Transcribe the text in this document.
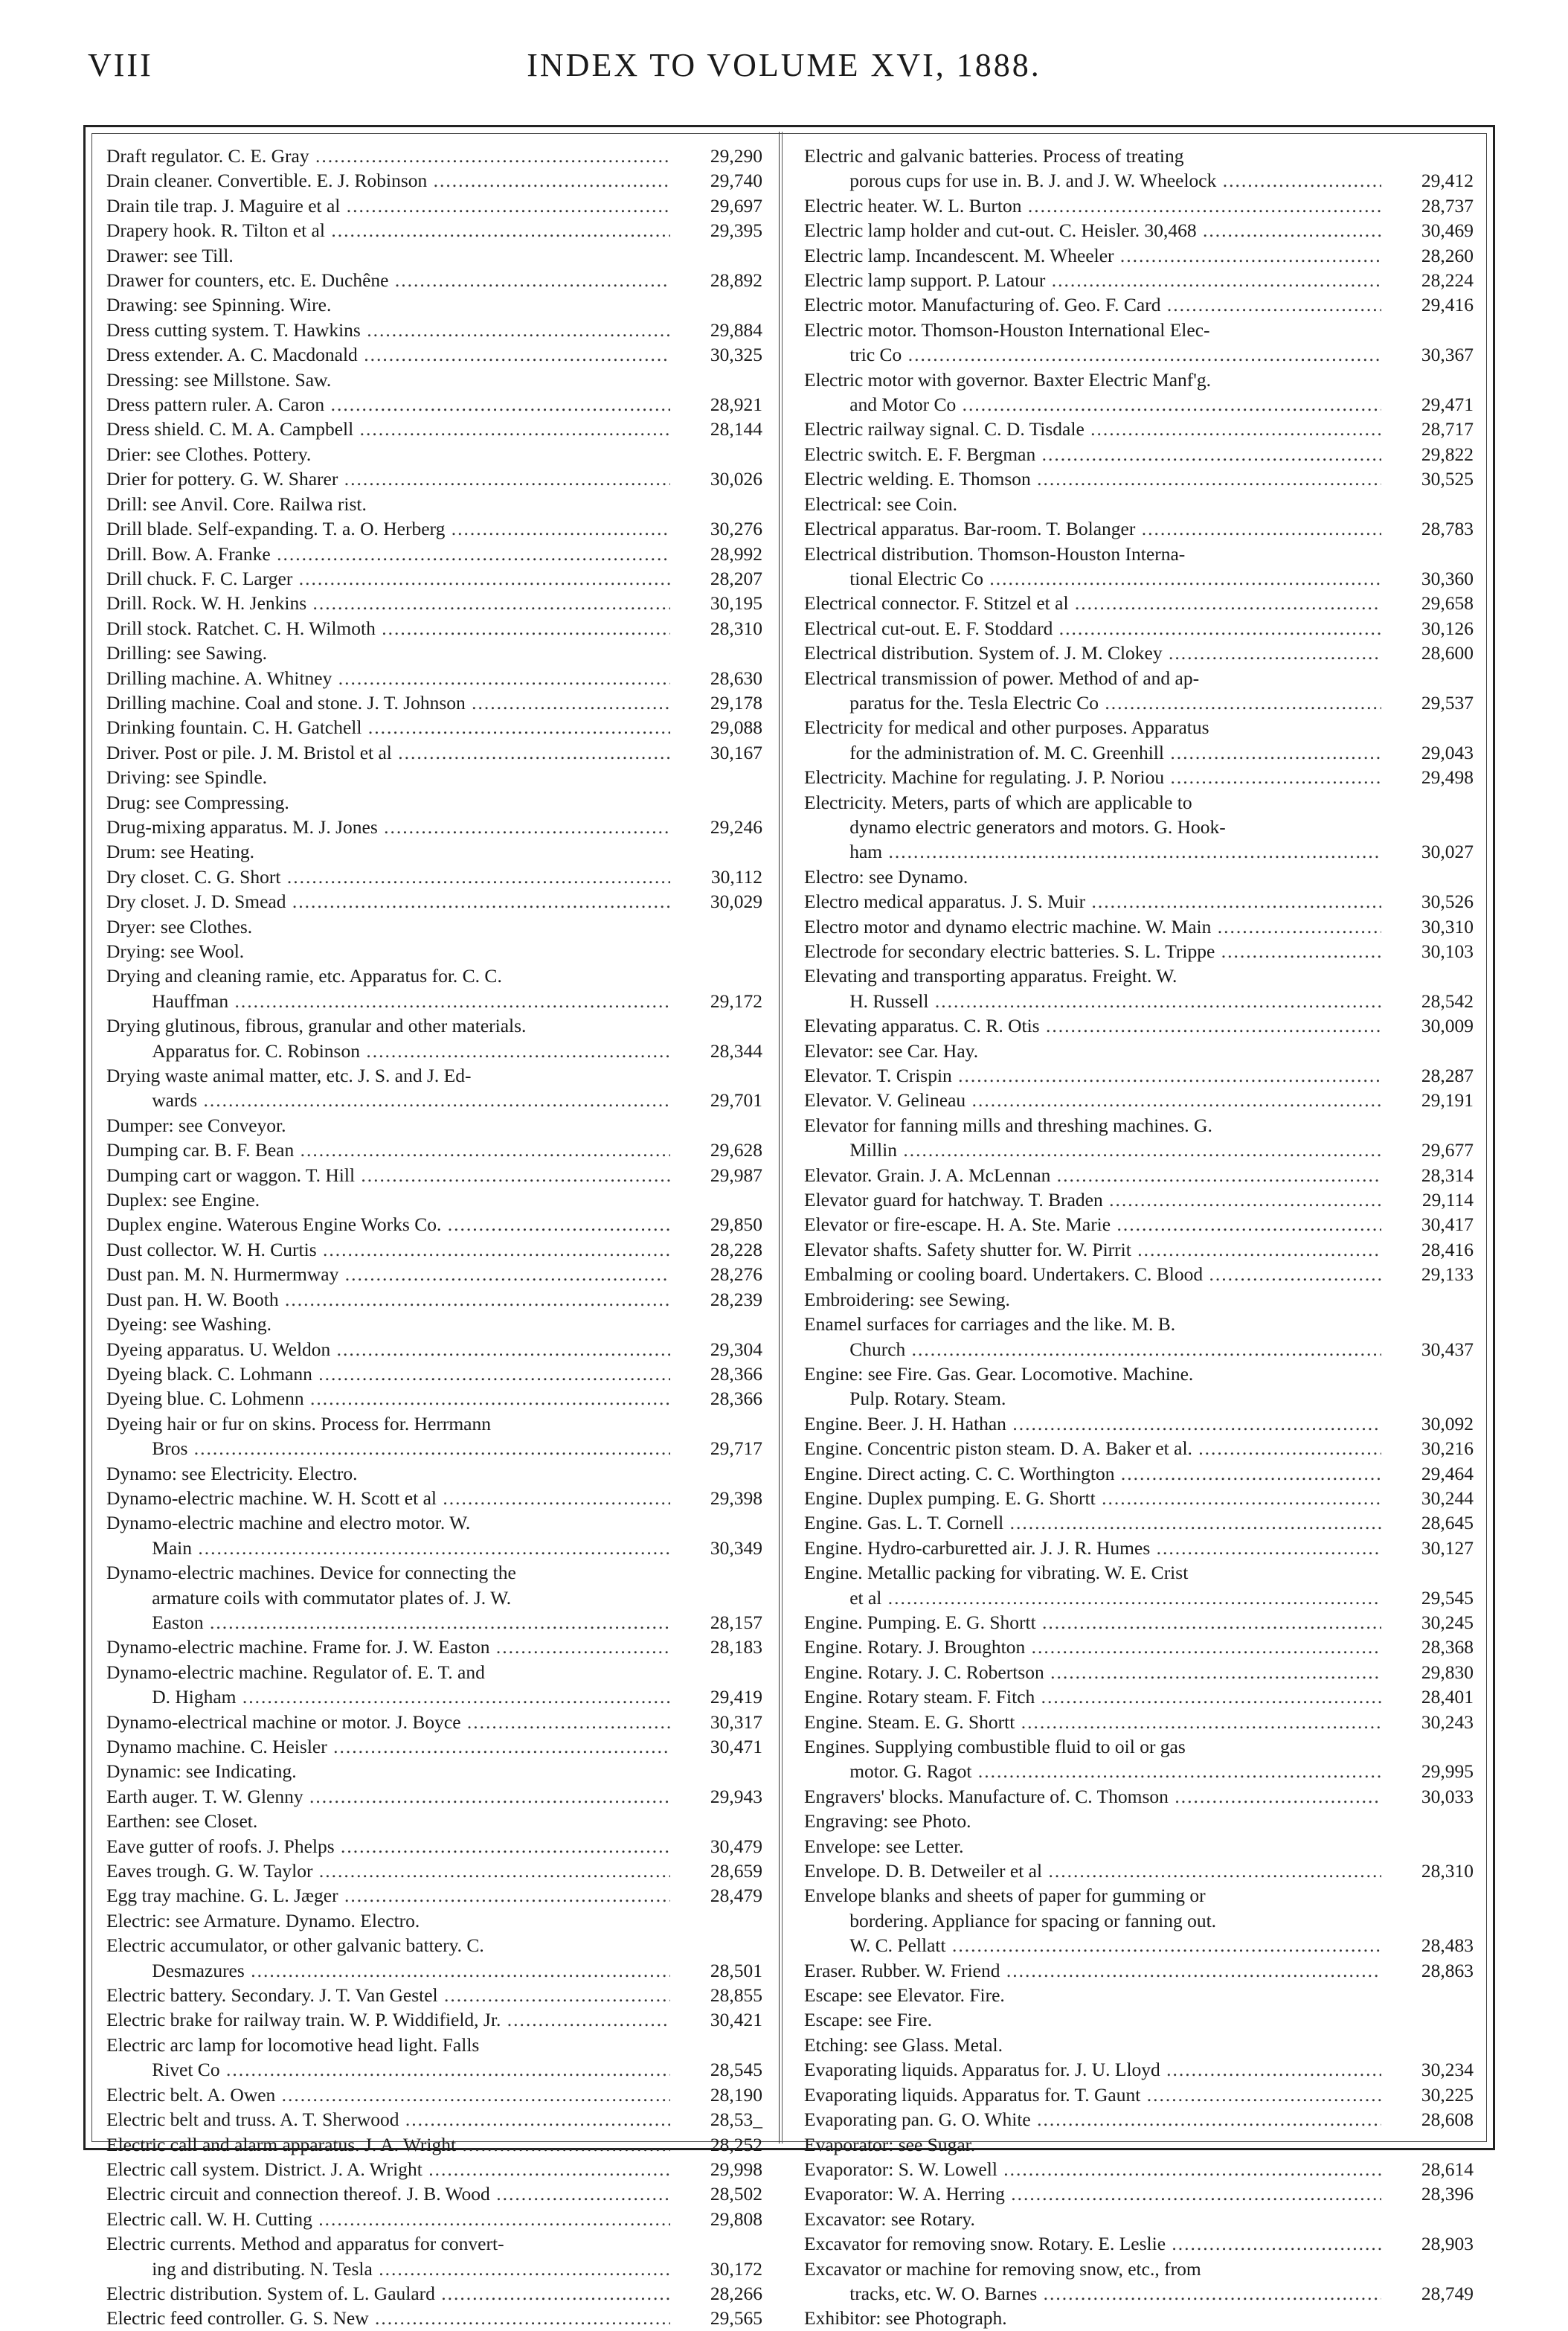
VIII	INDEX TO VOLUME XVI, 1888.
Draft regulator. C. E. Gray .....	29,290
Drain cleaner. Convertible. E. J. Robinson .....	29,740
Drain tile trap. J. Maguire et al .....	29,697
Drapery hook. R. Tilton et al .....	29,395
Drawer: see Till.
Drawer for counters, etc. E. Duchêne .....	28,892
Drawing: see Spinning. Wire.
Dress cutting system. T. Hawkins .....	29,884
Dress extender. A. C. Macdonald .....	30,325
Dressing: see Millstone. Saw.
Dress pattern ruler. A. Caron .....	28,921
Dress shield. C. M. A. Campbell .....	28,144
Drier: see Clothes. Pottery.
Drier for pottery. G. W. Sharer .....	30,026
Drill: see Anvil. Core. Railwa rist.
Drill blade. Self-expanding. T. a. O. Herberg .....	30,276
Drill. Bow. A. Franke .....	28,992
Drill chuck. F. C. Larger .....	28,207
Drill. Rock. W. H. Jenkins .....	30,195
Drill stock. Ratchet. C. H. Wilmoth .....	28,310
Drilling: see Sawing.
Drilling machine. A. Whitney .....	28,630
Drilling machine. Coal and stone. J. T. Johnson .....	29,178
Drinking fountain. C. H. Gatchell .....	29,088
Driver. Post or pile. J. M. Bristol et al .....	30,167
Driving: see Spindle.
Drug: see Compressing.
Drug-mixing apparatus. M. J. Jones .....	29,246
Drum: see Heating.
Dry closet. C. G. Short .....	30,112
Dry closet. J. D. Smead .....	30,029
Dryer: see Clothes.
Drying: see Wool.
Drying and cleaning ramie, etc. Apparatus for. C. C.
Hauffman .....	29,172
Drying glutinous, fibrous, granular and other materials.
Apparatus for. C. Robinson .....	28,344
Drying waste animal matter, etc. J. S. and J. Ed-
wards .....	29,701
Dumper: see Conveyor.
Dumping car. B. F. Bean .....	29,628
Dumping cart or waggon. T. Hill .....	29,987
Duplex: see Engine.
Duplex engine. Waterous Engine Works Co. .....	29,850
Dust collector. W. H. Curtis .....	28,228
Dust pan. M. N. Hurmermway .....	28,276
Dust pan. H. W. Booth .....	28,239
Dyeing: see Washing.
Dyeing apparatus. U. Weldon .....	29,304
Dyeing black. C. Lohmann .....	28,366
Dyeing blue. C. Lohmenn .....	28,366
Dyeing hair or fur on skins. Process for. Herrmann
Bros .....	29,717
Dynamo: see Electricity. Electro.
Dynamo-electric machine. W. H. Scott et al .....	29,398
Dynamo-electric machine and electro motor. W.
Main .....	30,349
Dynamo-electric machines. Device for connecting the
armature coils with commutator plates of. J. W.
Easton .....	28,157
Dynamo-electric machine. Frame for. J. W. Easton .....	28,183
Dynamo-electric machine. Regulator of. E. T. and
D. Higham .....	29,419
Dynamo-electrical machine or motor. J. Boyce .....	30,317
Dynamo machine. C. Heisler .....	30,471
Dynamic: see Indicating.
Earth auger. T. W. Glenny .....	29,943
Earthen: see Closet.
Eave gutter of roofs. J. Phelps .....	30,479
Eaves trough. G. W. Taylor .....	28,659
Egg tray machine. G. L. Jæger .....	28,479
Electric: see Armature. Dynamo. Electro.
Electric accumulator, or other galvanic battery. C.
Desmazures .....	28,501
Electric battery. Secondary. J. T. Van Gestel .....	28,855
Electric brake for railway train. W. P. Widdifield, Jr. .....	30,421
Electric arc lamp for locomotive head light. Falls
Rivet Co .....	28,545
Electric belt. A. Owen .....	28,190
Electric belt and truss. A. T. Sherwood .....	28,53_
Electric call and alarm apparatus. J. A. Wright .....	28,252
Electric call system. District. J. A. Wright .....	29,998
Electric circuit and connection thereof. J. B. Wood .....	28,502
Electric call. W. H. Cutting .....	29,808
Electric currents. Method and apparatus for convert-
ing and distributing. N. Tesla .....	30,172
Electric distribution. System of. L. Gaulard .....	28,266
Electric feed controller. G. S. New .....	29,565
Electric and galvanic batteries. Process of treating
porous cups for use in. B. J. and J. W. Wheelock .....	29,412
Electric heater. W. L. Burton .....	28,737
Electric lamp holder and cut-out. C. Heisler. 30,468 .....	30,469
Electric lamp. Incandescent. M. Wheeler .....	28,260
Electric lamp support. P. Latour .....	28,224
Electric motor. Manufacturing of. Geo. F. Card .....	29,416
Electric motor. Thomson-Houston International Elec-
tric Co .....	30,367
Electric motor with governor. Baxter Electric Manf'g.
and Motor Co .....	29,471
Electric railway signal. C. D. Tisdale .....	28,717
Electric switch. E. F. Bergman .....	29,822
Electric welding. E. Thomson .....	30,525
Electrical: see Coin.
Electrical apparatus. Bar-room. T. Bolanger .....	28,783
Electrical distribution. Thomson-Houston Interna-
tional Electric Co .....	30,360
Electrical connector. F. Stitzel et al .....	29,658
Electrical cut-out. E. F. Stoddard .....	30,126
Electrical distribution. System of. J. M. Clokey .....	28,600
Electrical transmission of power. Method of and ap-
paratus for the. Tesla Electric Co .....	29,537
Electricity for medical and other purposes. Apparatus
for the administration of. M. C. Greenhill .....	29,043
Electricity. Machine for regulating. J. P. Noriou .....	29,498
Electricity. Meters, parts of which are applicable to
dynamo electric generators and motors. G. Hook-
ham .....	30,027
Electro: see Dynamo.
Electro medical apparatus. J. S. Muir .....	30,526
Electro motor and dynamo electric machine. W. Main .....	30,310
Electrode for secondary electric batteries. S. L. Trippe .....	30,103
Elevating and transporting apparatus. Freight. W.
H. Russell .....	28,542
Elevating apparatus. C. R. Otis .....	30,009
Elevator: see Car. Hay.
Elevator. T. Crispin .....	28,287
Elevator. V. Gelineau .....	29,191
Elevator for fanning mills and threshing machines. G.
Millin .....	29,677
Elevator. Grain. J. A. McLennan .....	28,314
Elevator guard for hatchway. T. Braden .....	29,114
Elevator or fire-escape. H. A. Ste. Marie .....	30,417
Elevator shafts. Safety shutter for. W. Pirrit .....	28,416
Embalming or cooling board. Undertakers. C. Blood .....	29,133
Embroidering: see Sewing.
Enamel surfaces for carriages and the like. M. B.
Church .....	30,437
Engine: see Fire. Gas. Gear. Locomotive. Machine.
Pulp. Rotary. Steam.
Engine. Beer. J. H. Hathan .....	30,092
Engine. Concentric piston steam. D. A. Baker et al. .....	30,216
Engine. Direct acting. C. C. Worthington .....	29,464
Engine. Duplex pumping. E. G. Shortt .....	30,244
Engine. Gas. L. T. Cornell .....	28,645
Engine. Hydro-carburetted air. J. J. R. Humes .....	30,127
Engine. Metallic packing for vibrating. W. E. Crist
et al .....	29,545
Engine. Pumping. E. G. Shortt .....	30,245
Engine. Rotary. J. Broughton .....	28,368
Engine. Rotary. J. C. Robertson .....	29,830
Engine. Rotary steam. F. Fitch .....	28,401
Engine. Steam. E. G. Shortt .....	30,243
Engines. Supplying combustible fluid to oil or gas
motor. G. Ragot .....	29,995
Engravers' blocks. Manufacture of. C. Thomson .....	30,033
Engraving: see Photo.
Envelope: see Letter.
Envelope. D. B. Detweiler et al .....	28,310
Envelope blanks and sheets of paper for gumming or
bordering. Appliance for spacing or fanning out.
W. C. Pellatt .....	28,483
Eraser. Rubber. W. Friend .....	28,863
Escape: see Elevator. Fire.
Escape: see Fire.
Etching: see Glass. Metal.
Evaporating liquids. Apparatus for. J. U. Lloyd .....	30,234
Evaporating liquids. Apparatus for. T. Gaunt .....	30,225
Evaporating pan. G. O. White .....	28,608
Evaporator: see Sugar.
Evaporator: S. W. Lowell .....	28,614
Evaporator: W. A. Herring .....	28,396
Excavator: see Rotary.
Excavator for removing snow. Rotary. E. Leslie .....	28,903
Excavator or machine for removing snow, etc., from
tracks, etc. W. O. Barnes .....	28,749
Exhibitor: see Photograph.
